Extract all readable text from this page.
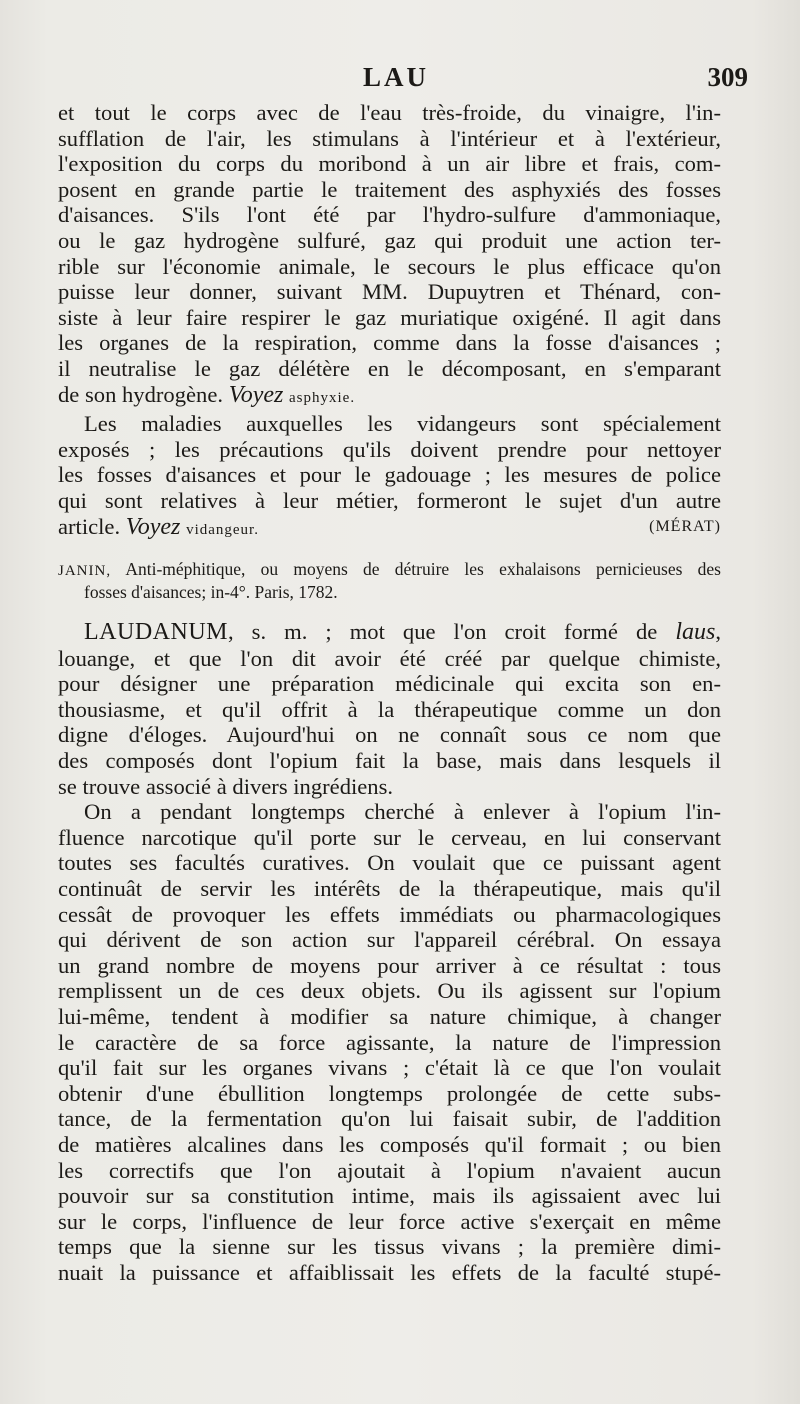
LAU	309
et tout le corps avec de l'eau très-froide, du vinaigre, l'in-
sufflation de l'air, les stimulans à l'intérieur et à l'extérieur,
l'exposition du corps du moribond à un air libre et frais, com-
posent en grande partie le traitement des asphyxiés des fosses
d'aisances. S'ils l'ont été par l'hydro-sulfure d'ammoniaque,
ou le gaz hydrogène sulfuré, gaz qui produit une action ter-
rible sur l'économie animale, le secours le plus efficace qu'on
puisse leur donner, suivant MM. Dupuytren et Thénard, con-
siste à leur faire respirer le gaz muriatique oxigéné. Il agit dans
les organes de la respiration, comme dans la fosse d'aisances ;
il neutralise le gaz délétère en le décomposant, en s'emparant
de son hydrogène. Voyez asphyxie.
Les maladies auxquelles les vidangeurs sont spécialement
exposés ; les précautions qu'ils doivent prendre pour nettoyer
les fosses d'aisances et pour le gadouage ; les mesures de police
qui sont relatives à leur métier, formeront le sujet d'un autre
article. Voyez vidangeur.	(MÉRAT)
JANIN, Anti-méphitique, ou moyens de détruire les exhalaisons pernicieuses des
fosses d'aisances; in-4°. Paris, 1782.
LAUDANUM, s. m. ; mot que l'on croit formé de laus,
louange, et que l'on dit avoir été créé par quelque chimiste,
pour désigner une préparation médicinale qui excita son en-
thousiasme, et qu'il offrit à la thérapeutique comme un don
digne d'éloges. Aujourd'hui on ne connaît sous ce nom que
des composés dont l'opium fait la base, mais dans lesquels il
se trouve associé à divers ingrédiens.
On a pendant longtemps cherché à enlever à l'opium l'in-
fluence narcotique qu'il porte sur le cerveau, en lui conservant
toutes ses facultés curatives. On voulait que ce puissant agent
continuât de servir les intérêts de la thérapeutique, mais qu'il
cessât de provoquer les effets immédiats ou pharmacologiques
qui dérivent de son action sur l'appareil cérébral. On essaya
un grand nombre de moyens pour arriver à ce résultat : tous
remplissent un de ces deux objets. Ou ils agissent sur l'opium
lui-même, tendent à modifier sa nature chimique, à changer
le caractère de sa force agissante, la nature de l'impression
qu'il fait sur les organes vivans ; c'était là ce que l'on voulait
obtenir d'une ébullition longtemps prolongée de cette subs-
tance, de la fermentation qu'on lui faisait subir, de l'addition
de matières alcalines dans les composés qu'il formait ; ou bien
les correctifs que l'on ajoutait à l'opium n'avaient aucun
pouvoir sur sa constitution intime, mais ils agissaient avec lui
sur le corps, l'influence de leur force active s'exerçait en même
temps que la sienne sur les tissus vivans ; la première dimi-
nuait la puissance et affaiblissait les effets de la faculté stupé-
